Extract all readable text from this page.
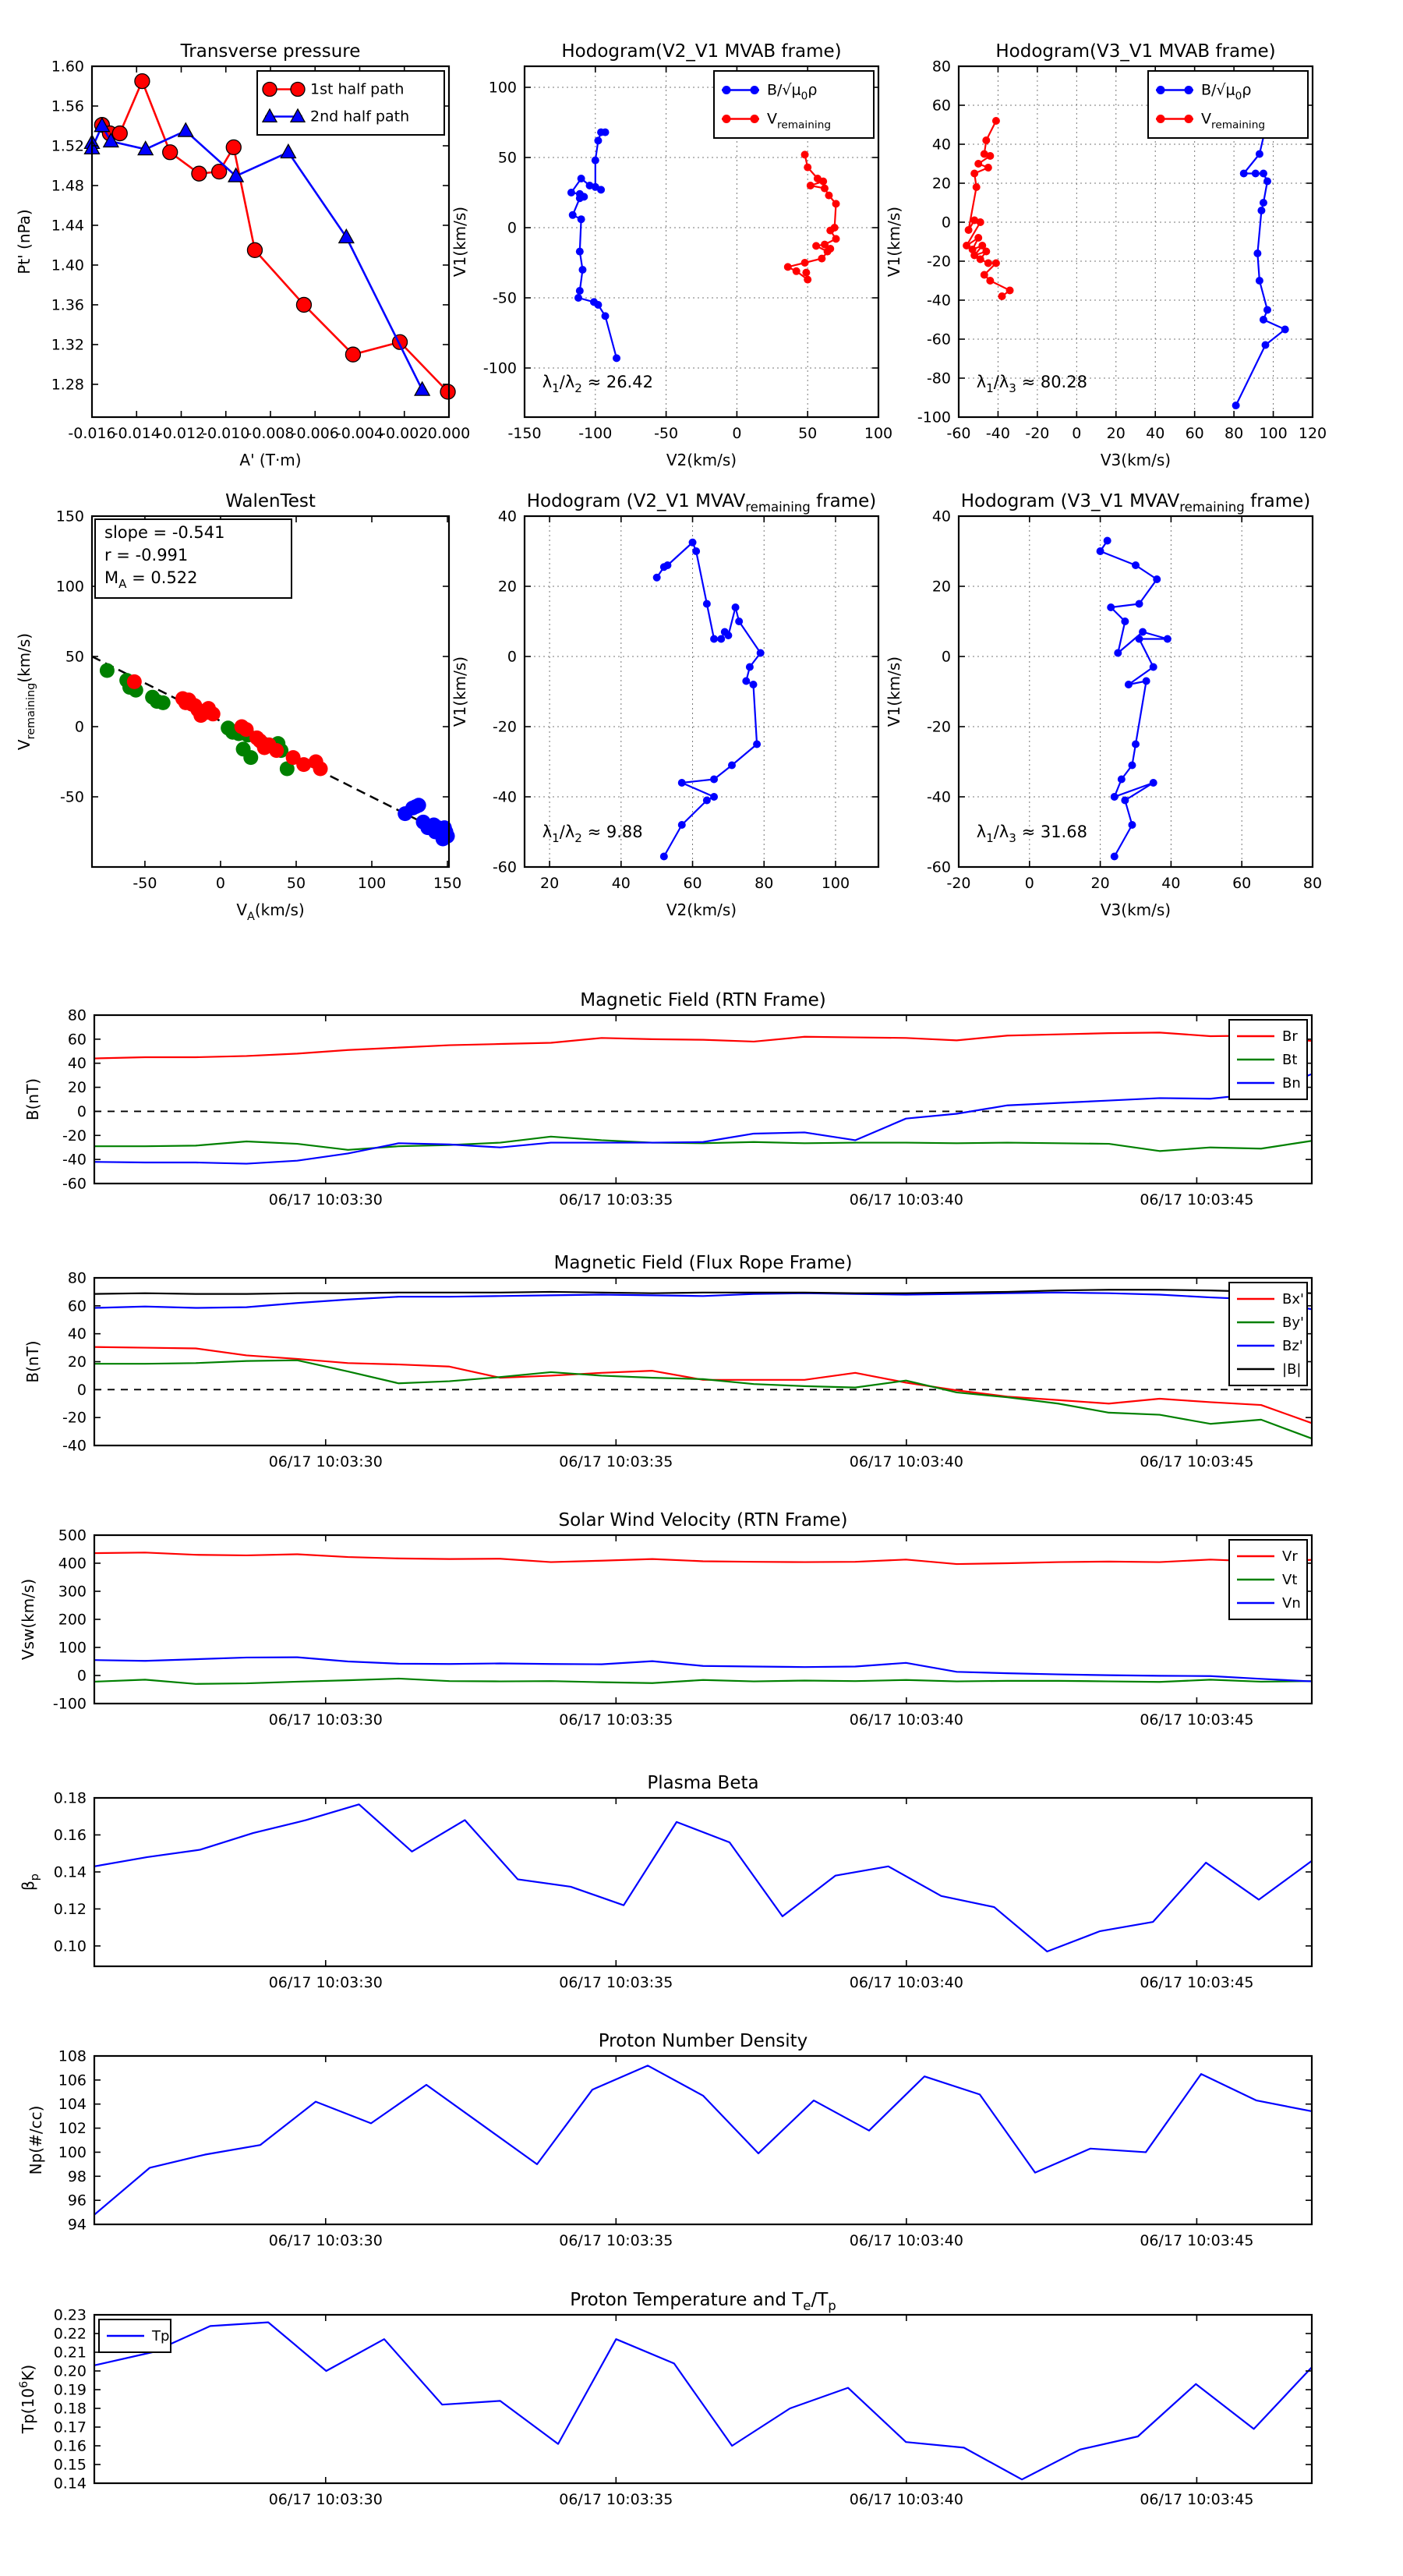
-0.016
-0.014
-0.012
-0.010
-0.008
-0.006
-0.004
-0.002 0.000
1.28
1.32
1.36
1.40
1.44
1.48
1.52
1.56
1.60
Transverse pressure
A' (T·m)
Pt' (nPa)
1st half path
2nd half path
-150	-100	-50	0	50	100
-100
-50
0
50
100
Hodogram(V2_V1 MVAB frame)
V2(km/s)
V1(km/s)
$\lambda_1/\lambda_2 \approx 26.42$
$B/√\mu_0\rho$
$V_{remaining}$
-60 -40 -20 0 20 40 60 80 100 120
-100
-80
-60
-40
-20
0
20
40
60
80
Hodogram(V3_V1 MVAB frame)
V3(km/s)
V1(km/s)
$\lambda_1/\lambda_3 \approx 80.28$
$B/√\mu_0\rho$
$V_{remaining}$
-50	0	50	100	150
-50
0
50
100
150
WalenTest
$V_A(km/s)$
$V_{remaining}(km/s)$
slope = -0.541
r = -0.991
$M_A = 0.522$
20	40	60	80	100
-60
-40
-20
0
20
40
Hodogram (V2_V1 $MVAV_{remaining}$ frame)
V2(km/s)
V1(km/s)
$\lambda_1/\lambda_2 \approx 9.88$
-20	0	20	40	60	80
-60
-40
-20
0
20
40
Hodogram (V3_V1 $MVAV_{remaining}$ frame)
V3(km/s)
V1(km/s)
$\lambda_1/\lambda_3 \approx 31.68$
06/17 10:03:30	06/17 10:03:35	06/17 10:03:40	06/17 10:03:45
-60
-40
-20
0
20
40
60
80
Magnetic Field (RTN Frame)
B(nT)
Br
Bt
Bn
06/17 10:03:30	06/17 10:03:35	06/17 10:03:40	06/17 10:03:45
-40
-20
0
20
40
60
80
Magnetic Field (Flux Rope Frame)
B(nT)
Bx'
By'
Bz'
|B|
06/17 10:03:30	06/17 10:03:35	06/17 10:03:40	06/17 10:03:45
-100
0
100
200
300
400
500
Solar Wind Velocity (RTN Frame)
Vsw(km/s)
Vr
Vt
Vn
06/17 10:03:30	06/17 10:03:35	06/17 10:03:40	06/17 10:03:45
0.10
0.12
0.14
0.16
0.18
Plasma Beta
$\beta_p$
06/17 10:03:30	06/17 10:03:35	06/17 10:03:40	06/17 10:03:45
94
96
98
100
102
104
106
108
Proton Number Density
Np(#/cc)
06/17 10:03:30	06/17 10:03:35	06/17 10:03:40	06/17 10:03:45
0.14
0.15
0.16
0.17
0.18
0.19
0.20
0.21
0.22
0.23
Proton Temperature and $T_e/T_p$
$Tp(10^6K)$
Tp
